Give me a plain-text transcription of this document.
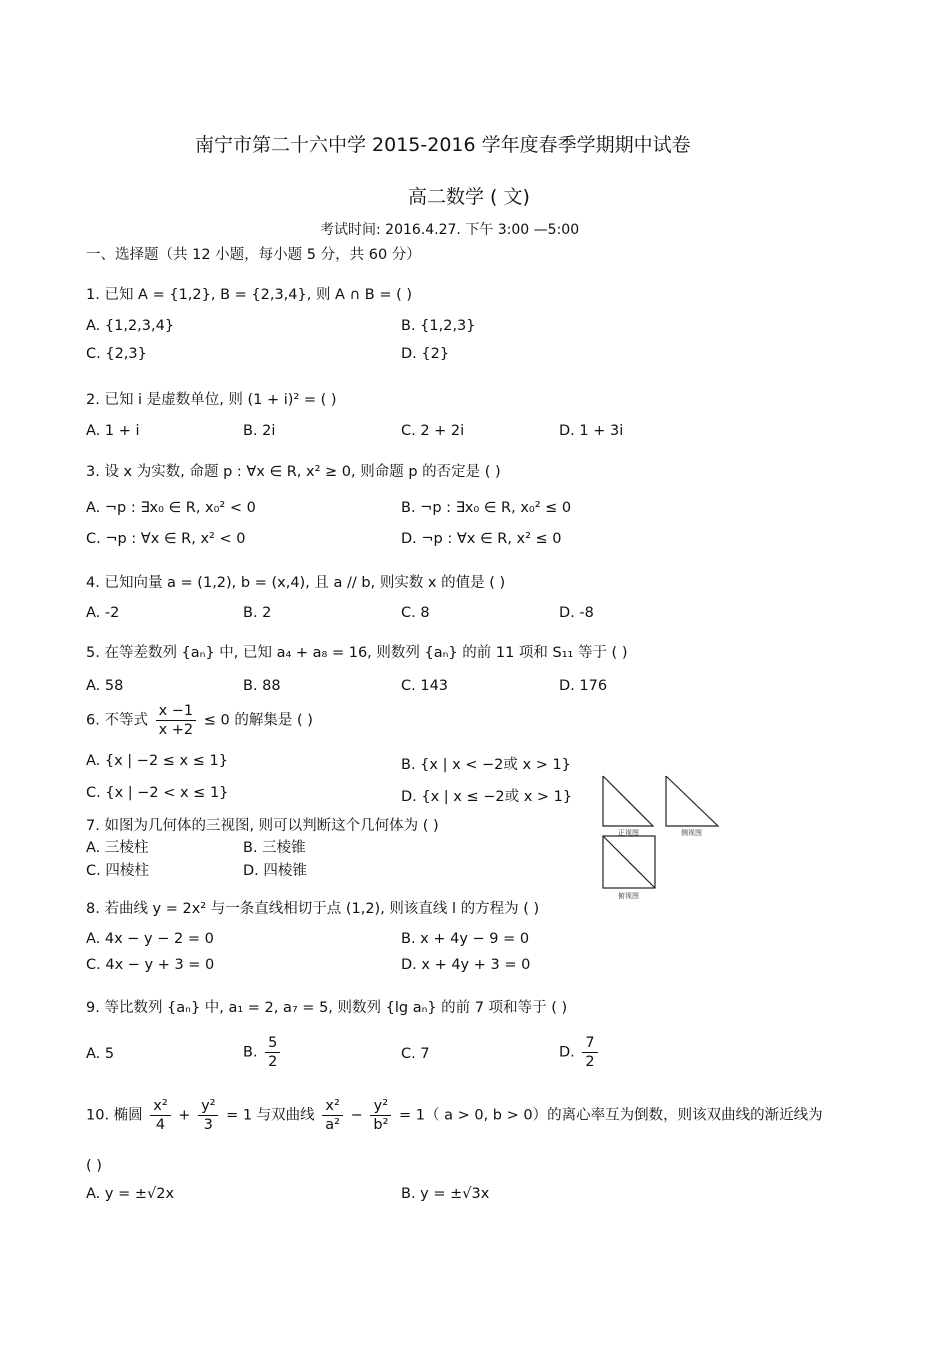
南宁市第二十六中学 2015-2016 学年度春季学期期中试卷
高二数学 ( 文)
考试时间: 2016.4.27. 下午 3:00 —5:00
一、选择题（共 12 小题，每小题 5 分，共 60 分）
1. 已知 A = {1,2}, B = {2,3,4}, 则 A ∩ B = ( )
A. {1,2,3,4}	B. {1,2,3}
C. {2,3}	D. {2}
2. 已知 i 是虚数单位, 则 (1 + i)² = ( )
A. 1 + i	B. 2i	C. 2 + 2i	D. 1 + 3i
3. 设 x 为实数, 命题 p : ∀x ∈ R, x² ≥ 0, 则命题 p 的否定是 ( )
A. ¬p : ∃x₀ ∈ R, x₀² < 0	B. ¬p : ∃x₀ ∈ R, x₀² ≤ 0
C. ¬p : ∀x ∈ R, x² < 0	D. ¬p : ∀x ∈ R, x² ≤ 0
4. 已知向量 a = (1,2), b = (x,4), 且 a // b, 则实数 x 的值是 ( )
A. -2	B. 2	C. 8	D. -8
5. 在等差数列 {aₙ} 中, 已知 a₄ + a₈ = 16, 则数列 {aₙ} 的前 11 项和 S₁₁ 等于 ( )
A. 58	B. 88	C. 143	D. 176
6. 不等式 $\frac{x -1}{x +2} \le 0$ 的解集是 ( )
A. {x | −2 ≤ x ≤ 1}	B. {x | x < −2或 x > 1}
C. {x | −2 < x ≤ 1}	D. {x | x ≤ −2或 x > 1}
正视图	侧视图
俯视图
7. 如图为几何体的三视图, 则可以判断这个几何体为 ( )
A. 三棱柱	B. 三棱锥
C. 四棱柱	D. 四棱锥
8. 若曲线 y = 2x² 与一条直线相切于点 (1,2), 则该直线 l 的方程为 ( )
A. 4x − y − 2 = 0	B. x + 4y − 9 = 0
C. 4x − y + 3 = 0	D. x + 4y + 3 = 0
9. 等比数列 {aₙ} 中, a₁ = 2, a₇ = 5, 则数列 {lg aₙ} 的前 7 项和等于 ( )
A. 5	B. $\frac{5}{2}$	C. 7	D. $\frac{7}{2}$
10. 椭圆 $\frac{\text{x²}}{4} + \frac{\text{y²}}{3} = 1$ 与双曲线 $\frac{\text{x²}}{\text{a²}} - \frac{\text{y²}}{\text{b²}} = 1$（ a > 0, b > 0）的离心率互为倒数，则该双曲线的渐近线为
( )
A. y = ±√2x	B. y = ±√3x
